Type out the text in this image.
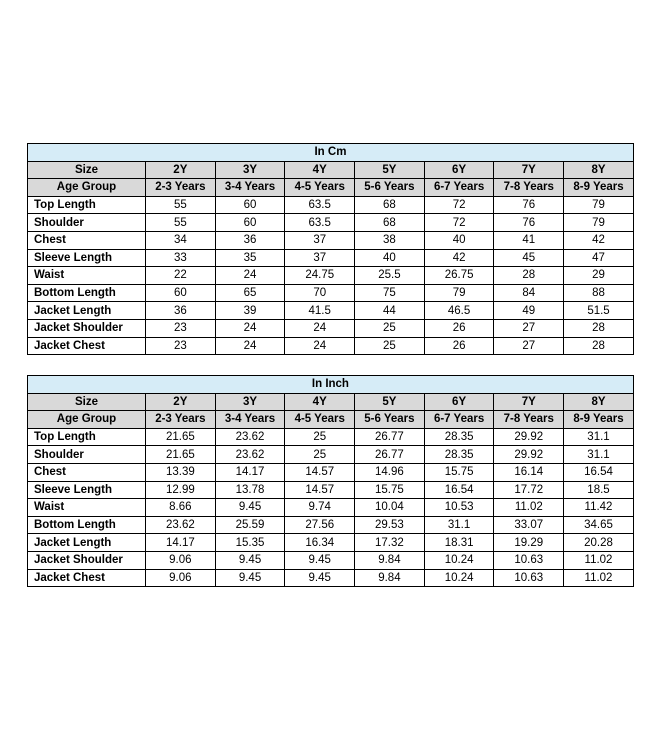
In Cm							
Size	2Y	3Y	4Y	5Y	6Y	7Y	8Y
Age Group	2-3 Years	3-4 Years	4-5 Years	5-6 Years	6-7 Years	7-8 Years	8-9 Years
Top Length	55	60	63.5	68	72	76	79
Shoulder	55	60	63.5	68	72	76	79
Chest	34	36	37	38	40	41	42
Sleeve Length	33	35	37	40	42	45	47
Waist	22	24	24.75	25.5	26.75	28	29
Bottom Length	60	65	70	75	79	84	88
Jacket Length	36	39	41.5	44	46.5	49	51.5
Jacket Shoulder	23	24	24	25	26	27	28
Jacket Chest	23	24	24	25	26	27	28
In Inch							
Size	2Y	3Y	4Y	5Y	6Y	7Y	8Y
Age Group	2-3 Years	3-4 Years	4-5 Years	5-6 Years	6-7 Years	7-8 Years	8-9 Years
Top Length	21.65	23.62	25	26.77	28.35	29.92	31.1
Shoulder	21.65	23.62	25	26.77	28.35	29.92	31.1
Chest	13.39	14.17	14.57	14.96	15.75	16.14	16.54
Sleeve Length	12.99	13.78	14.57	15.75	16.54	17.72	18.5
Waist	8.66	9.45	9.74	10.04	10.53	11.02	11.42
Bottom Length	23.62	25.59	27.56	29.53	31.1	33.07	34.65
Jacket Length	14.17	15.35	16.34	17.32	18.31	19.29	20.28
Jacket Shoulder	9.06	9.45	9.45	9.84	10.24	10.63	11.02
Jacket Chest	9.06	9.45	9.45	9.84	10.24	10.63	11.02
